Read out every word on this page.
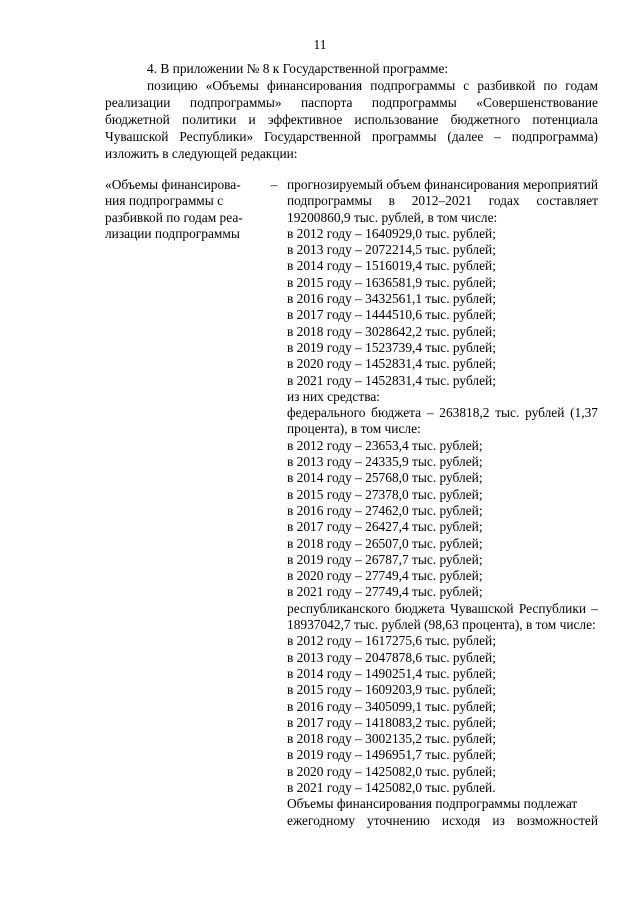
11

4. В приложении № 8 к Государственной программе:

позицию «Объемы финансирования подпрограммы с разбивкой по годам реализации подпрограммы» паспорта подпрограммы «Совершенствование бюджетной политики и эффективное использование бюджетного потенциала Чувашской Республики» Государственной программы (далее – подпрограмма) изложить в следующей редакции:

«Объемы финансирова-
ния подпрограммы с
разбивкой по годам реа-
лизации подпрограммы
– прогнозируемый объем финансирования мероприятий подпрограммы в 2012–2021 годах составляет 19200860,9 тыс. рублей, в том числе:
в 2012 году – 1640929,0 тыс. рублей;
в 2013 году – 2072214,5 тыс. рублей;
в 2014 году – 1516019,4 тыс. рублей;
в 2015 году – 1636581,9 тыс. рублей;
в 2016 году – 3432561,1 тыс. рублей;
в 2017 году – 1444510,6 тыс. рублей;
в 2018 году – 3028642,2 тыс. рублей;
в 2019 году – 1523739,4 тыс. рублей;
в 2020 году – 1452831,4 тыс. рублей;
в 2021 году – 1452831,4 тыс. рублей;
из них средства:
федерального бюджета – 263818,2 тыс. рублей (1,37 процента), в том числе:
в 2012 году – 23653,4 тыс. рублей;
в 2013 году – 24335,9 тыс. рублей;
в 2014 году – 25768,0 тыс. рублей;
в 2015 году – 27378,0 тыс. рублей;
в 2016 году – 27462,0 тыс. рублей;
в 2017 году – 26427,4 тыс. рублей;
в 2018 году – 26507,0 тыс. рублей;
в 2019 году – 26787,7 тыс. рублей;
в 2020 году – 27749,4 тыс. рублей;
в 2021 году – 27749,4 тыс. рублей;
республиканского бюджета Чувашской Республики – 18937042,7 тыс. рублей (98,63 процента), в том числе:
в 2012 году – 1617275,6 тыс. рублей;
в 2013 году – 2047878,6 тыс. рублей;
в 2014 году – 1490251,4 тыс. рублей;
в 2015 году – 1609203,9 тыс. рублей;
в 2016 году – 3405099,1 тыс. рублей;
в 2017 году – 1418083,2 тыс. рублей;
в 2018 году – 3002135,2 тыс. рублей;
в 2019 году – 1496951,7 тыс. рублей;
в 2020 году – 1425082,0 тыс. рублей;
в 2021 году – 1425082,0 тыс. рублей.
Объемы финансирования подпрограммы подлежат
ежегодному уточнению исходя из возможностей
